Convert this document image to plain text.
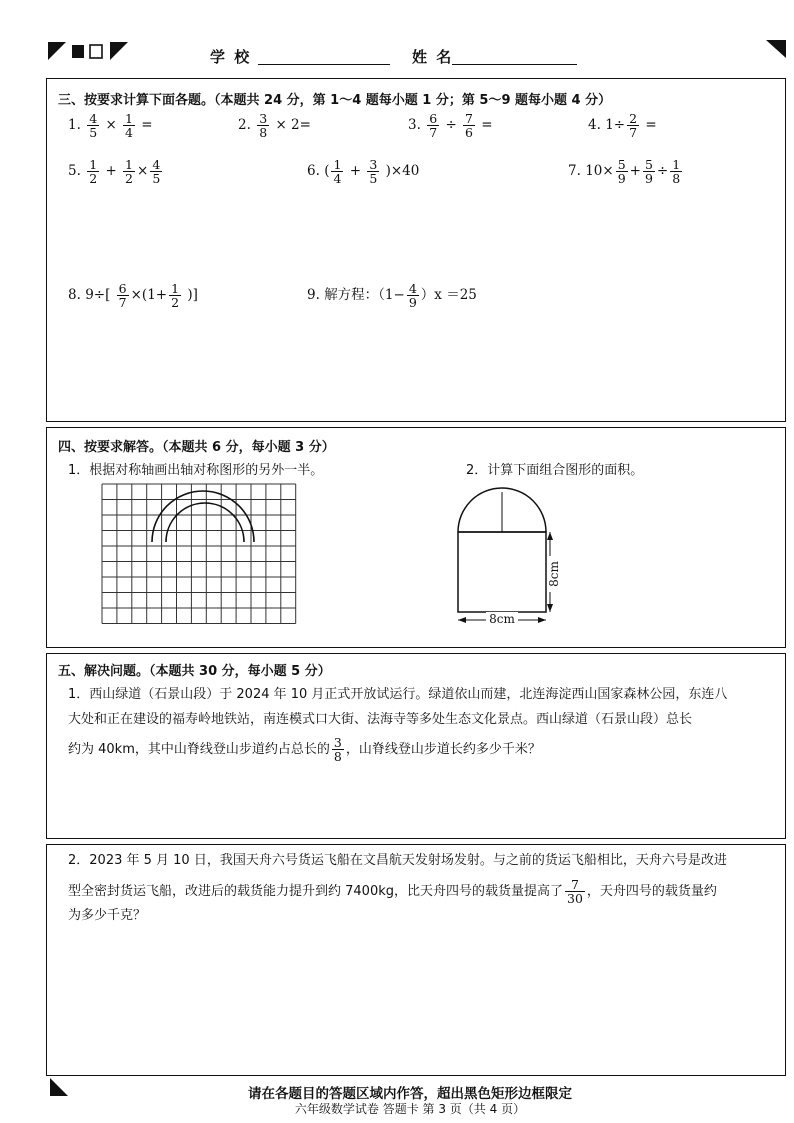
学 校	姓 名
三、按要求计算下面各题。（本题共 24 分，第 1～4 题每小题 1 分；第 5～9 题每小题 4 分）
1. $\frac{4}{5} \times \frac{1}{4}$ =	2. $\frac{3}{8} \times 2=$	3. $\frac{6}{7} \div \frac{7}{6}$ =	4. $1\div \frac{2}{7}$ =
5. $\frac{1}{2} + \frac{1}{2} \times \frac{4}{5}$	6. ( $\frac{1}{4} + \frac{3}{5} )\times 40$	7. $10\times \frac{5}{9} + \frac{5}{9} \div \frac{1}{8}$
8. $9\div[ \frac{6}{7} \times(1+ \frac{1}{2}$ )]	9. 解方程：$(1- \frac{4}{9} )x =25$
四、按要求解答。（本题共 6 分，每小题 3 分）
1．根据对称轴画出轴对称图形的另外一半。	2．计算下面组合图形的面积。
8cm
8cm
五、解决问题。（本题共 30 分，每小题 5 分）
1．西山绿道（石景山段）于 2024 年 10 月正式开放试运行。绿道依山而建，北连海淀西山国家森林公园，东连八
大处和正在建设的福寿岭地铁站，南连模式口大街、法海寺等多处生态文化景点。西山绿道（石景山段）总长
约为 40km，其中山脊线登山步道约占总长的 $\frac{3}{8}$ ，山脊线登山步道长约多少千米？
2．2023 年 5 月 10 日，我国天舟六号货运飞船在文昌航天发射场发射。与之前的货运飞船相比，天舟六号是改进
型全密封货运飞船，改进后的载货能力提升到约 7400kg，比天舟四号的载货量提高了 $\frac{7}{30}$ ，天舟四号的载货量约
为多少千克？
请在各题目的答题区域内作答，超出黑色矩形边框限定
六年级数学试卷 答题卡 第 3 页（共 4 页）
